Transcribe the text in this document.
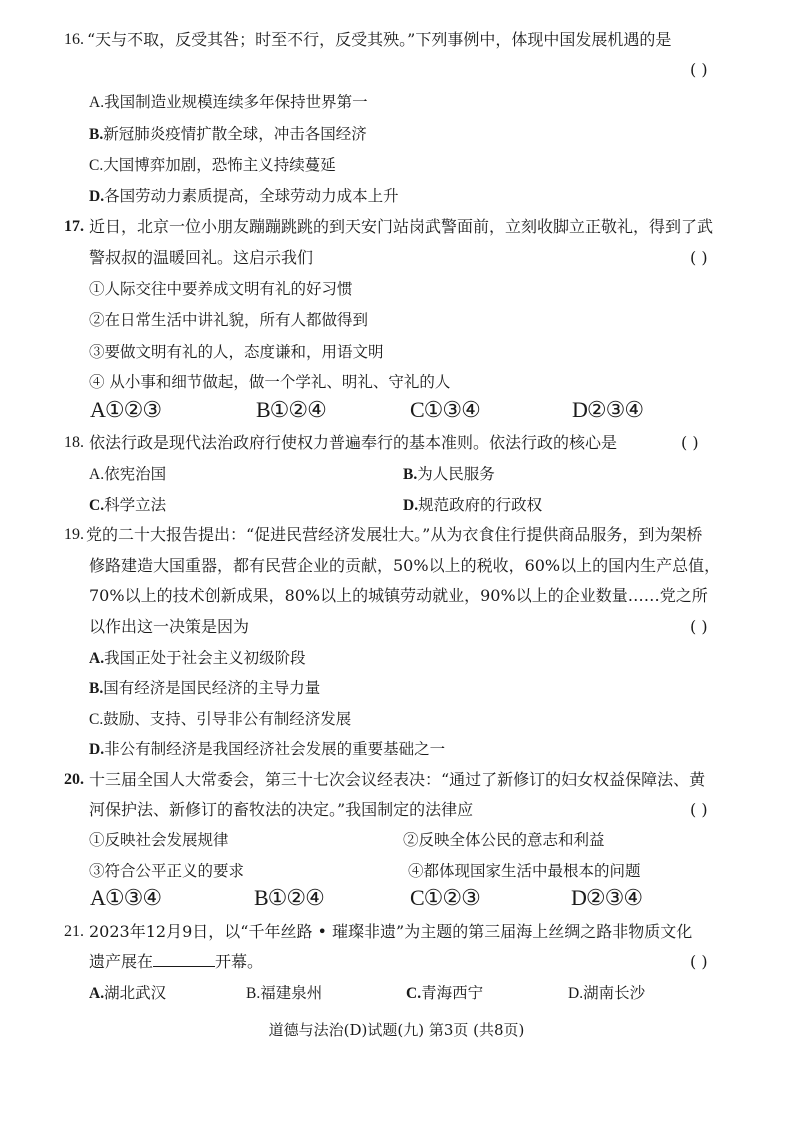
16. “天与不取，反受其咎；时至不行，反受其殃。”下列事例中，体现中国发展机遇的是
( )
A.我国制造业规模连续多年保持世界第一
B.新冠肺炎疫情扩散全球，冲击各国经济
C.大国博弈加剧，恐怖主义持续蔓延
D.各国劳动力素质提高，全球劳动力成本上升
17. 近日，北京一位小朋友蹦蹦跳跳的到天安门站岗武警面前，立刻收脚立正敬礼，得到了武
警叔叔的温暖回礼。这启示我们	( )
①人际交往中要养成文明有礼的好习惯
②在日常生活中讲礼貌，所有人都做得到
③要做文明有礼的人，态度谦和，用语文明
④ 从小事和细节做起，做一个学礼、明礼、守礼的人
A①②③	B①②④	C①③④	D②③④
18. 依法行政是现代法治政府行使权力普遍奉行的基本准则。依法行政的核心是	( )
A.依宪治国	B.为人民服务
C.科学立法	D.规范政府的行政权
19. 党的二十大报告提出：“促进民营经济发展壮大。”从为衣食住行提供商品服务，到为架桥
修路建造大国重器，都有民营企业的贡献，50%以上的税收，60%以上的国内生产总值，
70%以上的技术创新成果，80%以上的城镇劳动就业，90%以上的企业数量……党之所
以作出这一决策是因为	( )
A.我国正处于社会主义初级阶段
B.国有经济是国民经济的主导力量
C.鼓励、支持、引导非公有制经济发展
D.非公有制经济是我国经济社会发展的重要基础之一
20. 十三届全国人大常委会，第三十七次会议经表决：“通过了新修订的妇女权益保障法、黄
河保护法、新修订的畜牧法的决定。”我国制定的法律应	( )
①反映社会发展规律	②反映全体公民的意志和利益
③符合公平正义的要求	④都体现国家生活中最根本的问题
A①③④	B①②④	C①②③	D②③④
21. 2023年12月9日，以“千年丝路 • 璀璨非遗”为主题的第三届海上丝绸之路非物质文化
遗产展在	开幕。	( )
A.湖北武汉	B.福建泉州	C.青海西宁	D.湖南长沙
道德与法治(D)试题(九) 第3页 (共8页)
